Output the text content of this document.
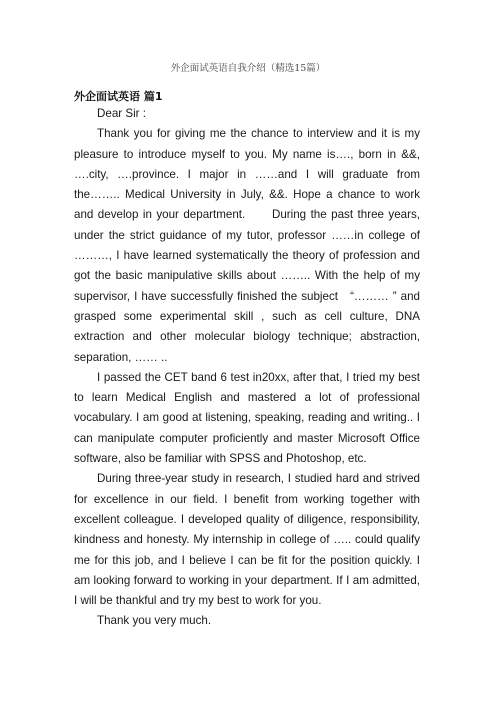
外企面试英语自我介绍（精选15篇）
外企面试英语 篇1

Dear Sir :

Thank you for giving me the chance to interview and it is my pleasure to introduce myself to you. My name is…., born in &&, ….city, ….province. I major in ……and I will graduate from the…….. Medical University in July, &&. Hope a chance to work and develop in your department.      During the past three years, under the strict guidance of my tutor, professor ……in college of ………, I have learned systematically the theory of profession and got the basic manipulative skills about …….. With the help of my supervisor, I have successfully finished the subject   “……… ” and grasped some experimental skill , such as cell culture, DNA extraction and other molecular biology technique; abstraction, separation, …… ..

I passed the CET band 6 test in20xx, after that, I tried my best to learn Medical English and mastered a lot of professional vocabulary. I am good at listening, speaking, reading and writing.. I can manipulate computer proficiently and master Microsoft Office software, also be familiar with SPSS and Photoshop, etc.

During three-year study in research, I studied hard and strived for excellence in our field. I benefit from working together with excellent colleague. I developed quality of diligence, responsibility, kindness and honesty. My internship in college of ….. could qualify me for this job, and I believe I can be fit for the position quickly. I am looking forward to working in your department. If I am admitted, I will be thankful and try my best to work for you.

Thank you very much.
